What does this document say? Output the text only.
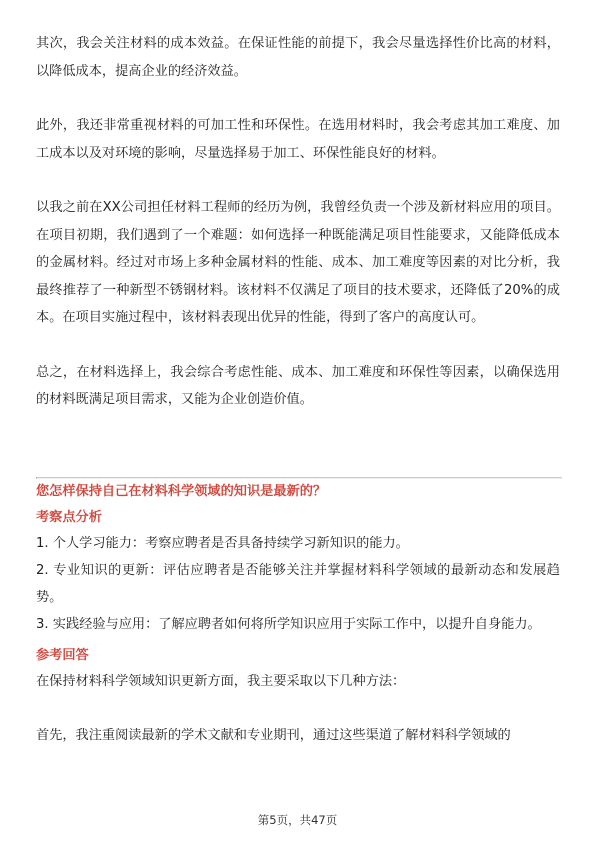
其次，我会关注材料的成本效益。在保证性能的前提下，我会尽量选择性价比高的材料，以降低成本，提高企业的经济效益。

此外，我还非常重视材料的可加工性和环保性。在选用材料时，我会考虑其加工难度、加工成本以及对环境的影响，尽量选择易于加工、环保性能良好的材料。

以我之前在XX公司担任材料工程师的经历为例，我曾经负责一个涉及新材料应用的项目。在项目初期，我们遇到了一个难题：如何选择一种既能满足项目性能要求，又能降低成本的金属材料。经过对市场上多种金属材料的性能、成本、加工难度等因素的对比分析，我最终推荐了一种新型不锈钢材料。该材料不仅满足了项目的技术要求，还降低了20%的成本。在项目实施过程中，该材料表现出优异的性能，得到了客户的高度认可。

总之，在材料选择上，我会综合考虑性能、成本、加工难度和环保性等因素，以确保选用的材料既满足项目需求，又能为企业创造价值。

您怎样保持自己在材料科学领域的知识是最新的？

考察点分析

1. 个人学习能力：考察应聘者是否具备持续学习新知识的能力。

2. 专业知识的更新：评估应聘者是否能够关注并掌握材料科学领域的最新动态和发展趋势。

3. 实践经验与应用：了解应聘者如何将所学知识应用于实际工作中，以提升自身能力。

参考回答

在保持材料科学领域知识更新方面，我主要采取以下几种方法：

首先，我注重阅读最新的学术文献和专业期刊，通过这些渠道了解材料科学领域的

第5页，共47页
